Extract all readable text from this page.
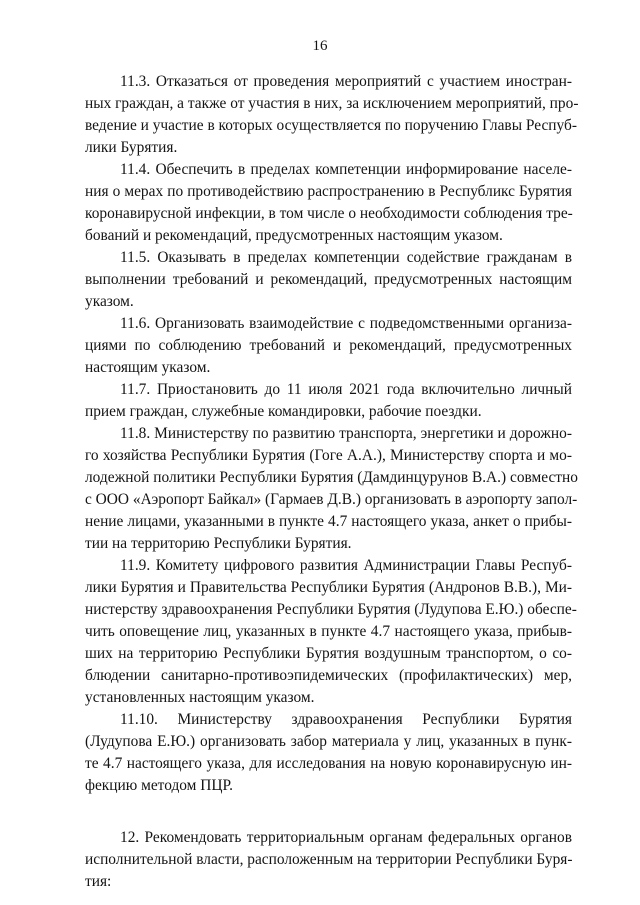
16
11.3. Отказаться от проведения мероприятий с участием иностран-
ных граждан, а также от участия в них, за исключением мероприятий, про-
ведение и участие в которых осуществляется по поручению Главы Респуб-
лики Бурятия.
11.4. Обеспечить в пределах компетенции информирование населе-
ния о мерах по противодействию распространению в Республикс Бурятия
коронавирусной инфекции, в том числе о необходимости соблюдения тре-
бований и рекомендаций, предусмотренных настоящим указом.
11.5. Оказывать в пределах компетенции содействие гражданам в
выполнении требований и рекомендаций, предусмотренных настоящим
указом.
11.6. Организовать взаимодействие с подведомственными организа-
циями по соблюдению требований и рекомендаций, предусмотренных
настоящим указом.
11.7. Приостановить до 11 июля 2021 года включительно личный
прием граждан, служебные командировки, рабочие поездки.
11.8. Министерству по развитию транспорта, энергетики и дорожно-
го хозяйства Республики Бурятия (Гоге А.А.), Министерству спорта и мо-
лодежной политики Республики Бурятия (Дамдинцурунов В.А.) совместно
с ООО «Аэропорт Байкал» (Гармаев Д.В.) организовать в аэропорту запол-
нение лицами, указанными в пункте 4.7 настоящего указа, анкет о прибы-
тии на территорию Республики Бурятия.
11.9. Комитету цифрового развития Администрации Главы Респуб-
лики Бурятия и Правительства Республики Бурятия (Андронов В.В.), Ми-
нистерству здравоохранения Республики Бурятия (Лудупова Е.Ю.) обеспе-
чить оповещение лиц, указанных в пункте 4.7 настоящего указа, прибыв-
ших на территорию Республики Бурятия воздушным транспортом, о со-
блюдении санитарно-противоэпидемических (профилактических) мер,
установленных настоящим указом.
11.10. Министерству здравоохранения Республики Бурятия
(Лудупова Е.Ю.) организовать забор материала у лиц, указанных в пунк-
те 4.7 настоящего указа, для исследования на новую коронавирусную ин-
фекцию методом ПЦР.
12. Рекомендовать территориальным органам федеральных органов
исполнительной власти, расположенным на территории Республики Буря-
тия:
